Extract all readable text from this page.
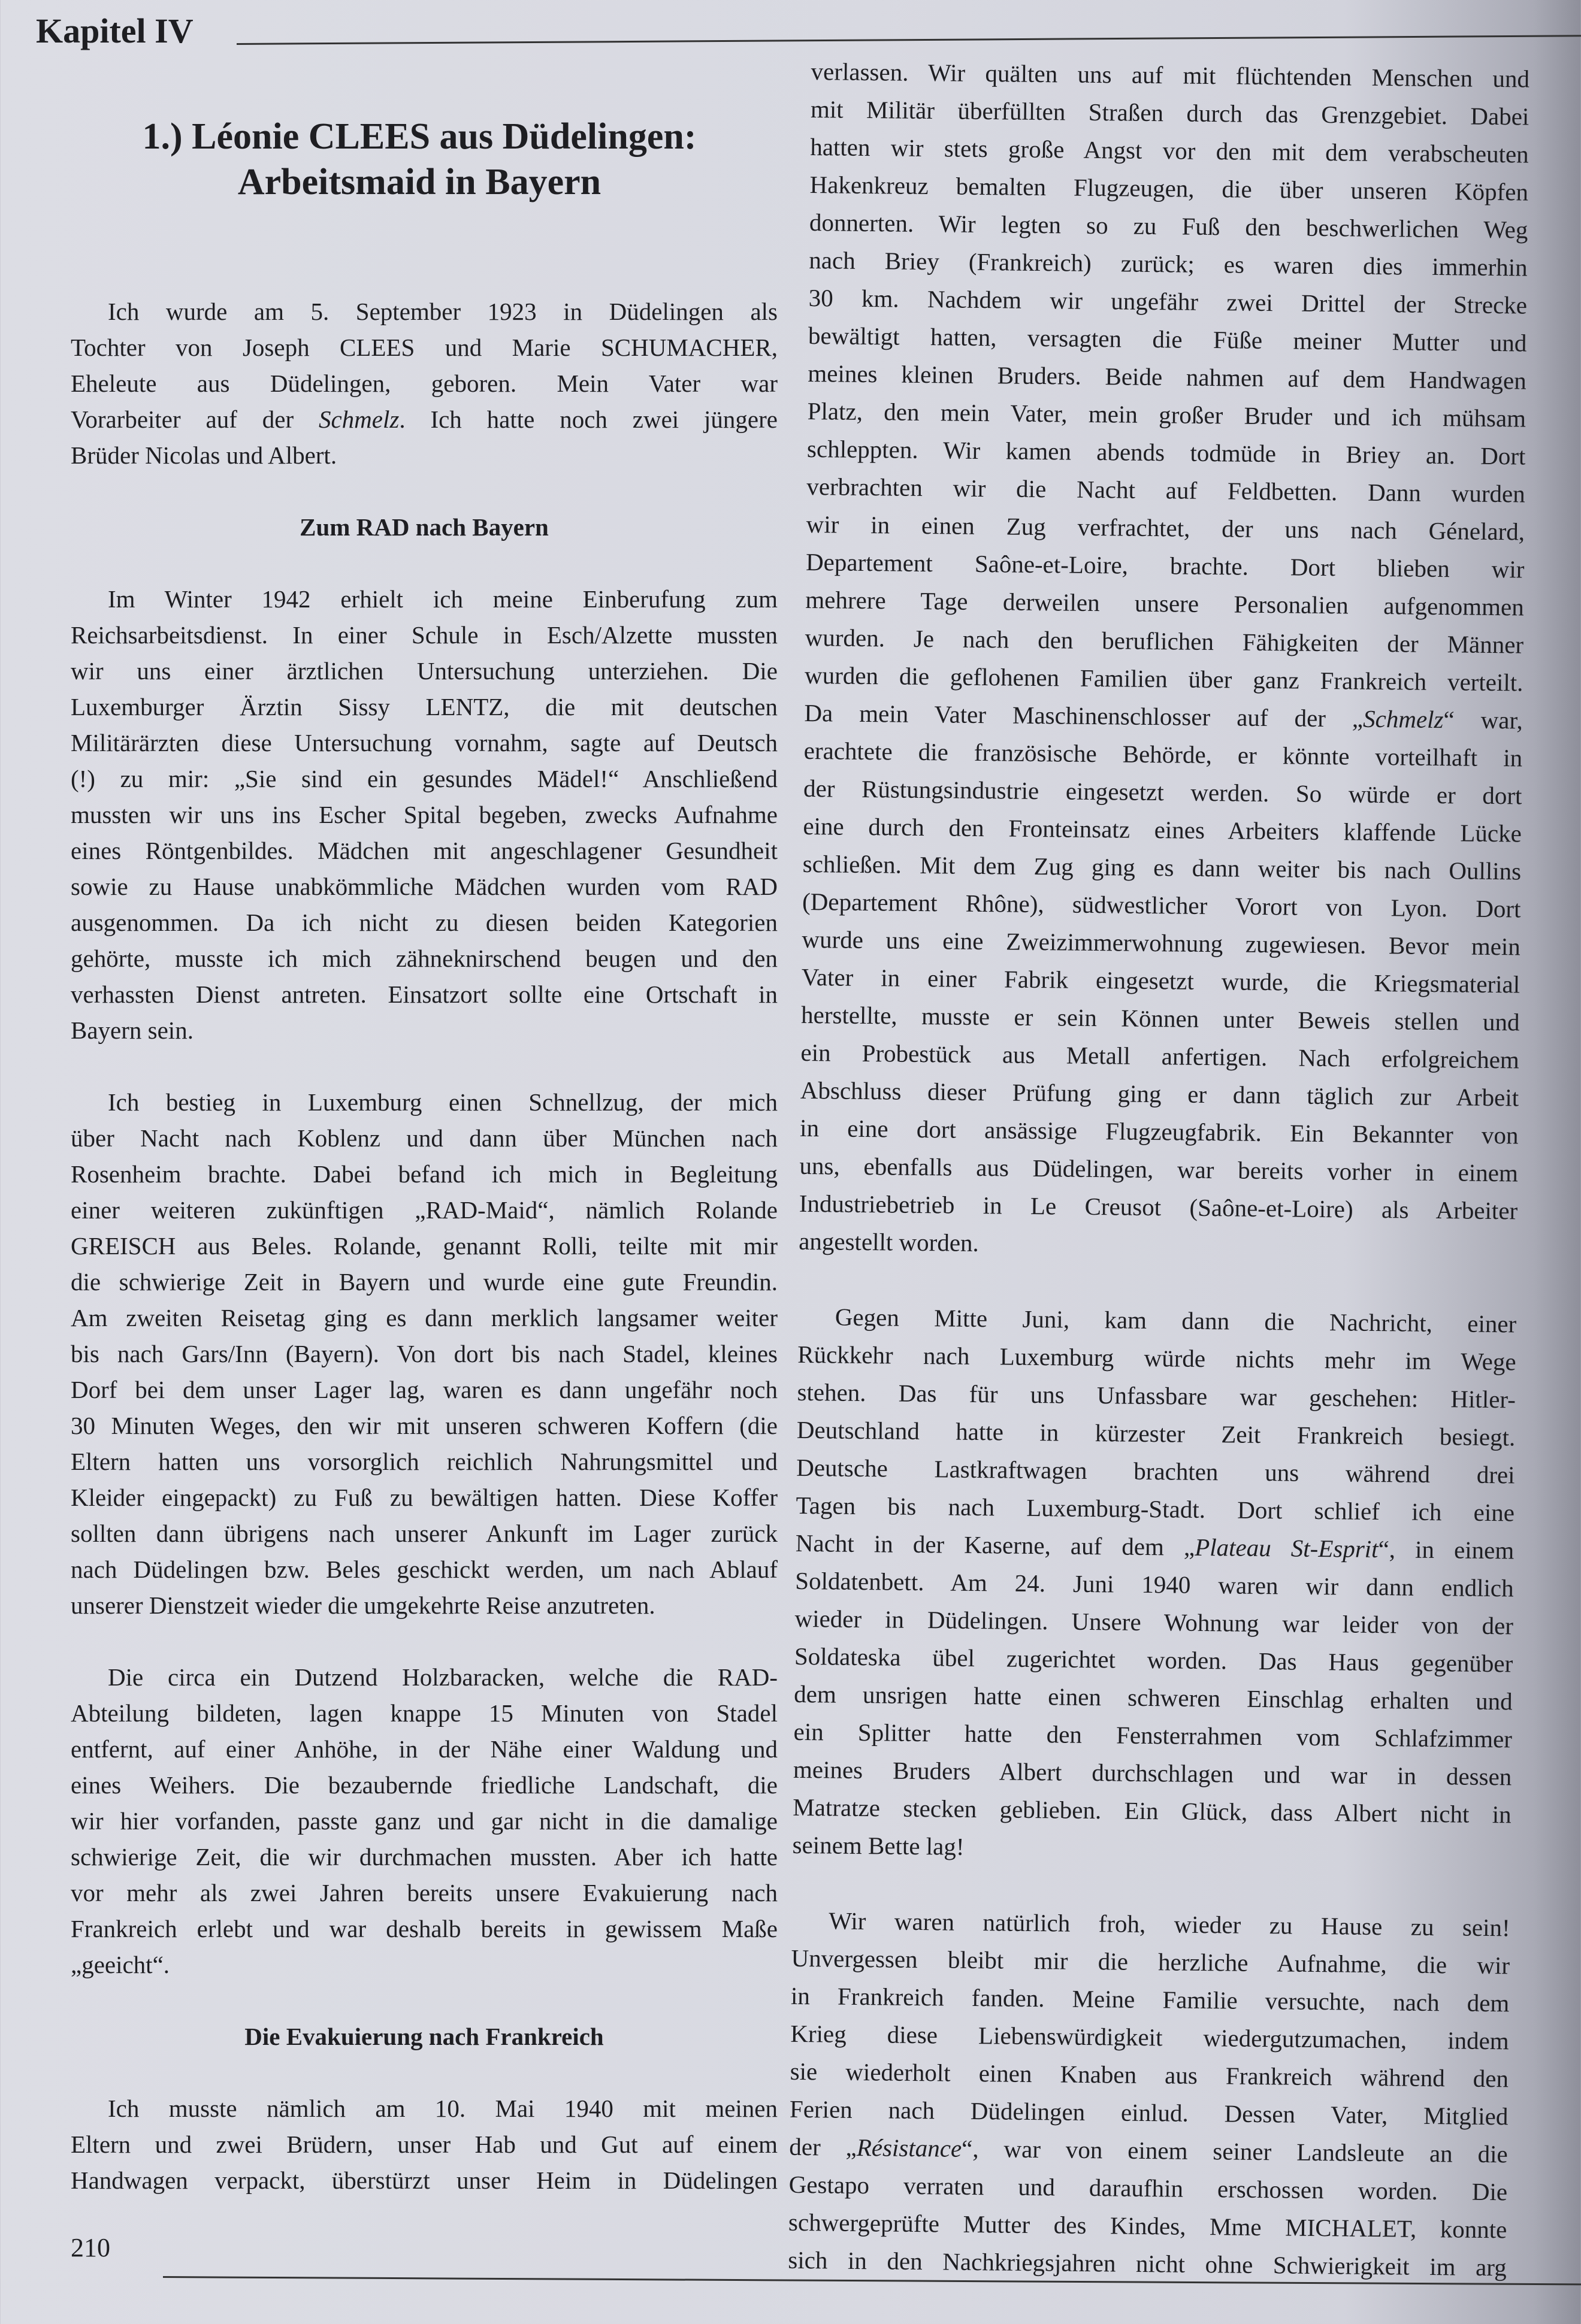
Kapitel IV
1.) Léonie CLEES aus Düdelingen:
Arbeitsmaid in Bayern
Ich wurde am 5. September 1923 in Düdelingen als
Tochter von Joseph CLEES und Marie SCHUMACHER,
Eheleute aus Düdelingen, geboren. Mein Vater war
Vorarbeiter auf der Schmelz. Ich hatte noch zwei jüngere
Brüder Nicolas und Albert.
Zum RAD nach Bayern
Im Winter 1942 erhielt ich meine Einberufung zum
Reichsarbeitsdienst. In einer Schule in Esch/Alzette mussten
wir uns einer ärztlichen Untersuchung unterziehen. Die
Luxemburger Ärztin Sissy LENTZ, die mit deutschen
Militärärzten diese Untersuchung vornahm, sagte auf Deutsch
(!) zu mir: „Sie sind ein gesundes Mädel!“ Anschließend
mussten wir uns ins Escher Spital begeben, zwecks Aufnahme
eines Röntgenbildes. Mädchen mit angeschlagener Gesundheit
sowie zu Hause unabkömmliche Mädchen wurden vom RAD
ausgenommen. Da ich nicht zu diesen beiden Kategorien
gehörte, musste ich mich zähneknirschend beugen und den
verhassten Dienst antreten. Einsatzort sollte eine Ortschaft in
Bayern sein.
Ich bestieg in Luxemburg einen Schnellzug, der mich
über Nacht nach Koblenz und dann über München nach
Rosenheim brachte. Dabei befand ich mich in Begleitung
einer weiteren zukünftigen „RAD-Maid“, nämlich Rolande
GREISCH aus Beles. Rolande, genannt Rolli, teilte mit mir
die schwierige Zeit in Bayern und wurde eine gute Freundin.
Am zweiten Reisetag ging es dann merklich langsamer weiter
bis nach Gars/Inn (Bayern). Von dort bis nach Stadel, kleines
Dorf bei dem unser Lager lag, waren es dann ungefähr noch
30 Minuten Weges, den wir mit unseren schweren Koffern (die
Eltern hatten uns vorsorglich reichlich Nahrungsmittel und
Kleider eingepackt) zu Fuß zu bewältigen hatten. Diese Koffer
sollten dann übrigens nach unserer Ankunft im Lager zurück
nach Düdelingen bzw. Beles geschickt werden, um nach Ablauf
unserer Dienstzeit wieder die umgekehrte Reise anzutreten.
Die circa ein Dutzend Holzbaracken, welche die RAD-
Abteilung bildeten, lagen knappe 15 Minuten von Stadel
entfernt, auf einer Anhöhe, in der Nähe einer Waldung und
eines Weihers. Die bezaubernde friedliche Landschaft, die
wir hier vorfanden, passte ganz und gar nicht in die damalige
schwierige Zeit, die wir durchmachen mussten. Aber ich hatte
vor mehr als zwei Jahren bereits unsere Evakuierung nach
Frankreich erlebt und war deshalb bereits in gewissem Maße
„geeicht“.
Die Evakuierung nach Frankreich
Ich musste nämlich am 10. Mai 1940 mit meinen
Eltern und zwei Brüdern, unser Hab und Gut auf einem
Handwagen verpackt, überstürzt unser Heim in Düdelingen
verlassen. Wir quälten uns auf mit flüchtenden Menschen und
mit Militär überfüllten Straßen durch das Grenzgebiet. Dabei
hatten wir stets große Angst vor den mit dem verabscheuten
Hakenkreuz bemalten Flugzeugen, die über unseren Köpfen
donnerten. Wir legten so zu Fuß den beschwerlichen Weg
nach Briey (Frankreich) zurück; es waren dies immerhin
30 km. Nachdem wir ungefähr zwei Drittel der Strecke
bewältigt hatten, versagten die Füße meiner Mutter und
meines kleinen Bruders. Beide nahmen auf dem Handwagen
Platz, den mein Vater, mein großer Bruder und ich mühsam
schleppten. Wir kamen abends todmüde in Briey an. Dort
verbrachten wir die Nacht auf Feldbetten. Dann wurden
wir in einen Zug verfrachtet, der uns nach Génelard,
Departement Saône-et-Loire, brachte. Dort blieben wir
mehrere Tage derweilen unsere Personalien aufgenommen
wurden. Je nach den beruflichen Fähigkeiten der Männer
wurden die geflohenen Familien über ganz Frankreich verteilt.
Da mein Vater Maschinenschlosser auf der „Schmelz“ war,
erachtete die französische Behörde, er könnte vorteilhaft in
der Rüstungsindustrie eingesetzt werden. So würde er dort
eine durch den Fronteinsatz eines Arbeiters klaffende Lücke
schließen. Mit dem Zug ging es dann weiter bis nach Oullins
(Departement Rhône), südwestlicher Vorort von Lyon. Dort
wurde uns eine Zweizimmerwohnung zugewiesen. Bevor mein
Vater in einer Fabrik eingesetzt wurde, die Kriegsmaterial
herstellte, musste er sein Können unter Beweis stellen und
ein Probestück aus Metall anfertigen. Nach erfolgreichem
Abschluss dieser Prüfung ging er dann täglich zur Arbeit
in eine dort ansässige Flugzeugfabrik. Ein Bekannter von
uns, ebenfalls aus Düdelingen, war bereits vorher in einem
Industriebetrieb in Le Creusot (Saône-et-Loire) als Arbeiter
angestellt worden.
Gegen Mitte Juni, kam dann die Nachricht, einer
Rückkehr nach Luxemburg würde nichts mehr im Wege
stehen. Das für uns Unfassbare war geschehen: Hitler-
Deutschland hatte in kürzester Zeit Frankreich besiegt.
Deutsche Lastkraftwagen brachten uns während drei
Tagen bis nach Luxemburg-Stadt. Dort schlief ich eine
Nacht in der Kaserne, auf dem „Plateau St-Esprit“, in einem
Soldatenbett. Am 24. Juni 1940 waren wir dann endlich
wieder in Düdelingen. Unsere Wohnung war leider von der
Soldateska übel zugerichtet worden. Das Haus gegenüber
dem unsrigen hatte einen schweren Einschlag erhalten und
ein Splitter hatte den Fensterrahmen vom Schlafzimmer
meines Bruders Albert durchschlagen und war in dessen
Matratze stecken geblieben. Ein Glück, dass Albert nicht in
seinem Bette lag!
Wir waren natürlich froh, wieder zu Hause zu sein!
Unvergessen bleibt mir die herzliche Aufnahme, die wir
in Frankreich fanden. Meine Familie versuchte, nach dem
Krieg diese Liebenswürdigkeit wiedergutzumachen, indem
sie wiederholt einen Knaben aus Frankreich während den
Ferien nach Düdelingen einlud. Dessen Vater, Mitglied
der „Résistance“, war von einem seiner Landsleute an die
Gestapo verraten und daraufhin erschossen worden. Die
schwergeprüfte Mutter des Kindes, Mme MICHALET, konnte
sich in den Nachkriegsjahren nicht ohne Schwierigkeit im arg
210
